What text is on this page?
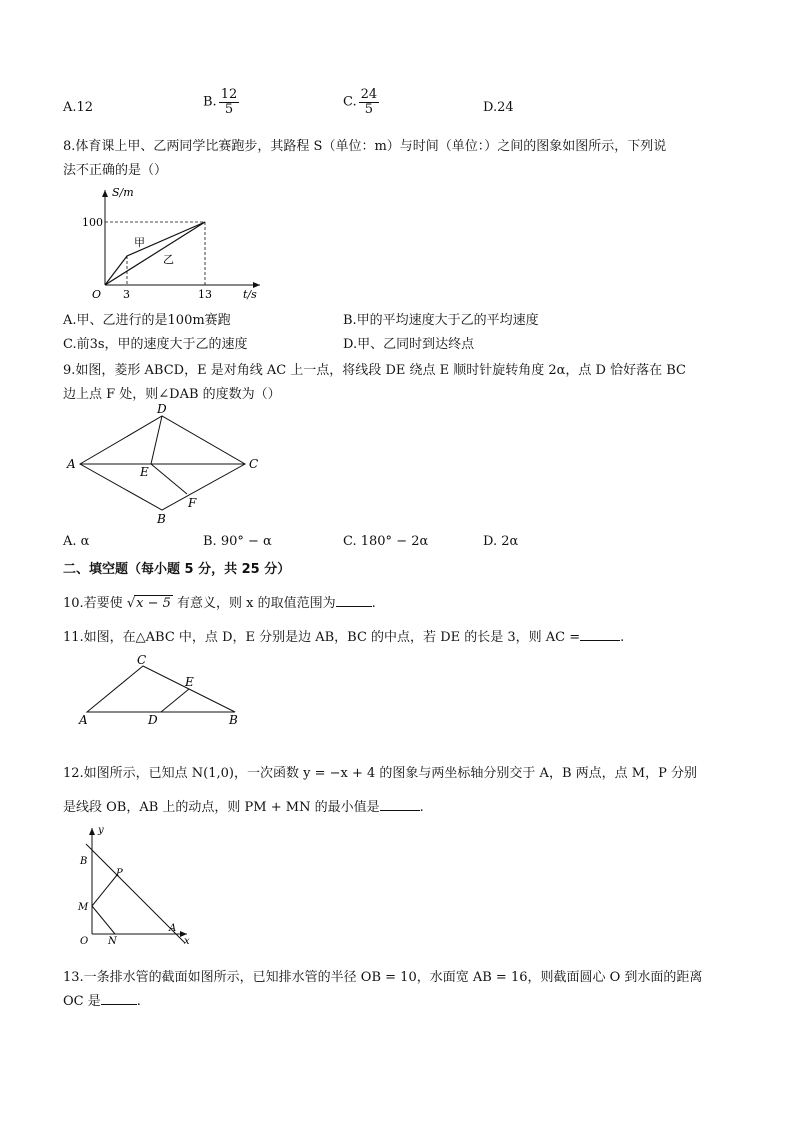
A.12	B. $\frac{12}{5}$	C. $\frac{24}{5}$	D.24
8.体育课上甲、乙两同学比赛跑步，其路程 S（单位：m）与时间（单位：）之间的图象如图所示，下列说
法不正确的是（）
S/m
t/s
100
3	13
O
甲
乙
A.甲、乙进行的是100m赛跑	B.甲的平均速度大于乙的平均速度
C.前3s，甲的速度大于乙的速度	D.甲、乙同时到达终点
9.如图，菱形 ABCD，E 是对角线 AC 上一点，将线段 DE 绕点 E 顺时针旋转角度 2α，点 D 恰好落在 BC
边上点 F 处，则∠DAB 的度数为（）
A
D
C
B
E
F
A. α	B. 90° − α	C. 180° − 2α	D. 2α
二、填空题（每小题 5 分，共 25 分）
10.若要使 √x − 5 有意义，则 x 的取值范围为	.
11.如图，在△ABC 中，点 D，E 分别是边 AB，BC 的中点，若 DE 的长是 3，则 AC =	.
C
E
A	D	B
12.如图所示，已知点 N(1,0)，一次函数 y = −x + 4 的图象与两坐标轴分别交于 A，B 两点，点 M，P 分别
是线段 OB，AB 上的动点，则 PM + MN 的最小值是	.
y
x
B
P
M
O N
A
13.一条排水管的截面如图所示，已知排水管的半径 OB = 10，水面宽 AB = 16，则截面圆心 O 到水面的距离
OC 是	.
